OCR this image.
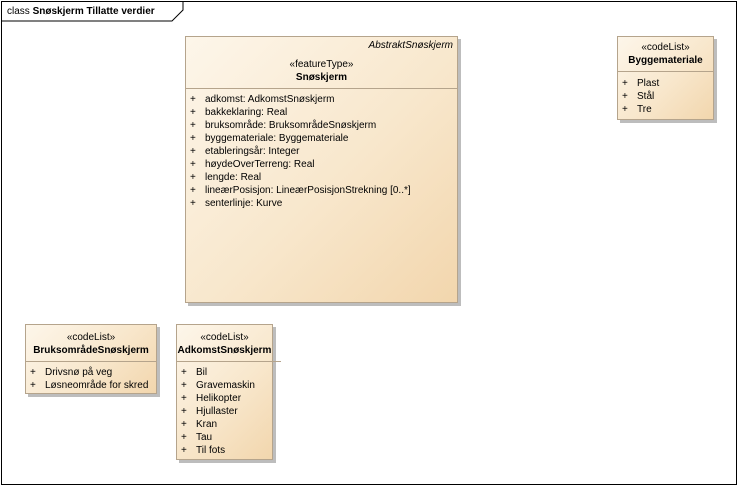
class Snøskjerm Tillatte verdier
AbstraktSnøskjerm
«featureType»
Snøskjerm
+ adkomst: AdkomstSnøskjerm
+ bakkeklaring: Real
+ bruksområde: BruksområdeSnøskjerm
+ byggemateriale: Byggemateriale
+ etableringsår: Integer
+ høydeOverTerreng: Real
+ lengde: Real
+ lineærPosisjon: LineærPosisjonStrekning [0..*]
+ senterlinje: Kurve
«codeList»
Byggemateriale
+ Plast
+ Stål
+ Tre
«codeList»
BruksområdeSnøskjerm
+ Drivsnø på veg
+ Løsneområde for skred
«codeList»
AdkomstSnøskjerm
+ Bil
+ Gravemaskin
+ Helikopter
+ Hjullaster
+ Kran
+ Tau
+ Til fots
